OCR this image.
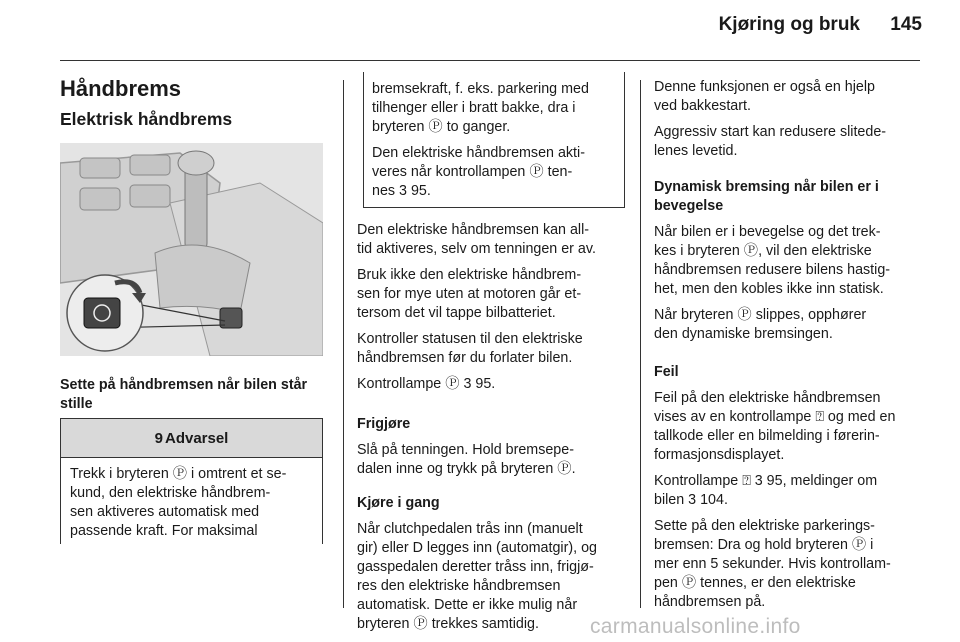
Kjøring og bruk	145
Håndbrems
Elektrisk håndbrems

Sette på håndbremsen når bilen står stille

9 Advarsel
Trekk i bryteren Ⓟ i omtrent et se-
kund, den elektriske håndbrem-
sen aktiveres automatisk med
passende kraft. For maksimal

bremsekraft, f. eks. parkering med
tilhenger eller i bratt bakke, dra i
bryteren Ⓟ to ganger.

Den elektriske håndbremsen akti-
veres når kontrollampen Ⓟ ten-
nes 3 95.

Den elektriske håndbremsen kan all-
tid aktiveres, selv om tenningen er av.

Bruk ikke den elektriske håndbrem-
sen for mye uten at motoren går et-
tersom det vil tappe bilbatteriet.

Kontroller statusen til den elektriske
håndbremsen før du forlater bilen.

Kontrollampe Ⓟ 3 95.

Frigjøre

Slå på tenningen. Hold bremsepe-
dalen inne og trykk på bryteren Ⓟ.

Kjøre i gang

Når clutchpedalen trås inn (manuelt
gir) eller D legges inn (automatgir), og
gasspedalen deretter tråss inn, frigjø-
res den elektriske håndbremsen
automatisk. Dette er ikke mulig når
bryteren Ⓟ trekkes samtidig.

Denne funksjonen er også en hjelp
ved bakkestart.

Aggressiv start kan redusere slitede-
lenes levetid.

Dynamisk bremsing når bilen er i
bevegelse

Når bilen er i bevegelse og det trek-
kes i bryteren Ⓟ, vil den elektriske
håndbremsen redusere bilens hastig-
het, men den kobles ikke inn statisk.

Når bryteren Ⓟ slippes, opphører
den dynamiske bremsingen.

Feil

Feil på den elektriske håndbremsen
vises av en kontrollampe ⍰ og med en
tallkode eller en bilmelding i førerin-
formasjonsdisplayet.

Kontrollampe ⍰ 3 95, meldinger om
bilen 3 104.

Sette på den elektriske parkerings-
bremsen: Dra og hold bryteren Ⓟ i
mer enn 5 sekunder. Hvis kontrollam-
pen Ⓟ tennes, er den elektriske
håndbremsen på.

carmanualsonline.info
